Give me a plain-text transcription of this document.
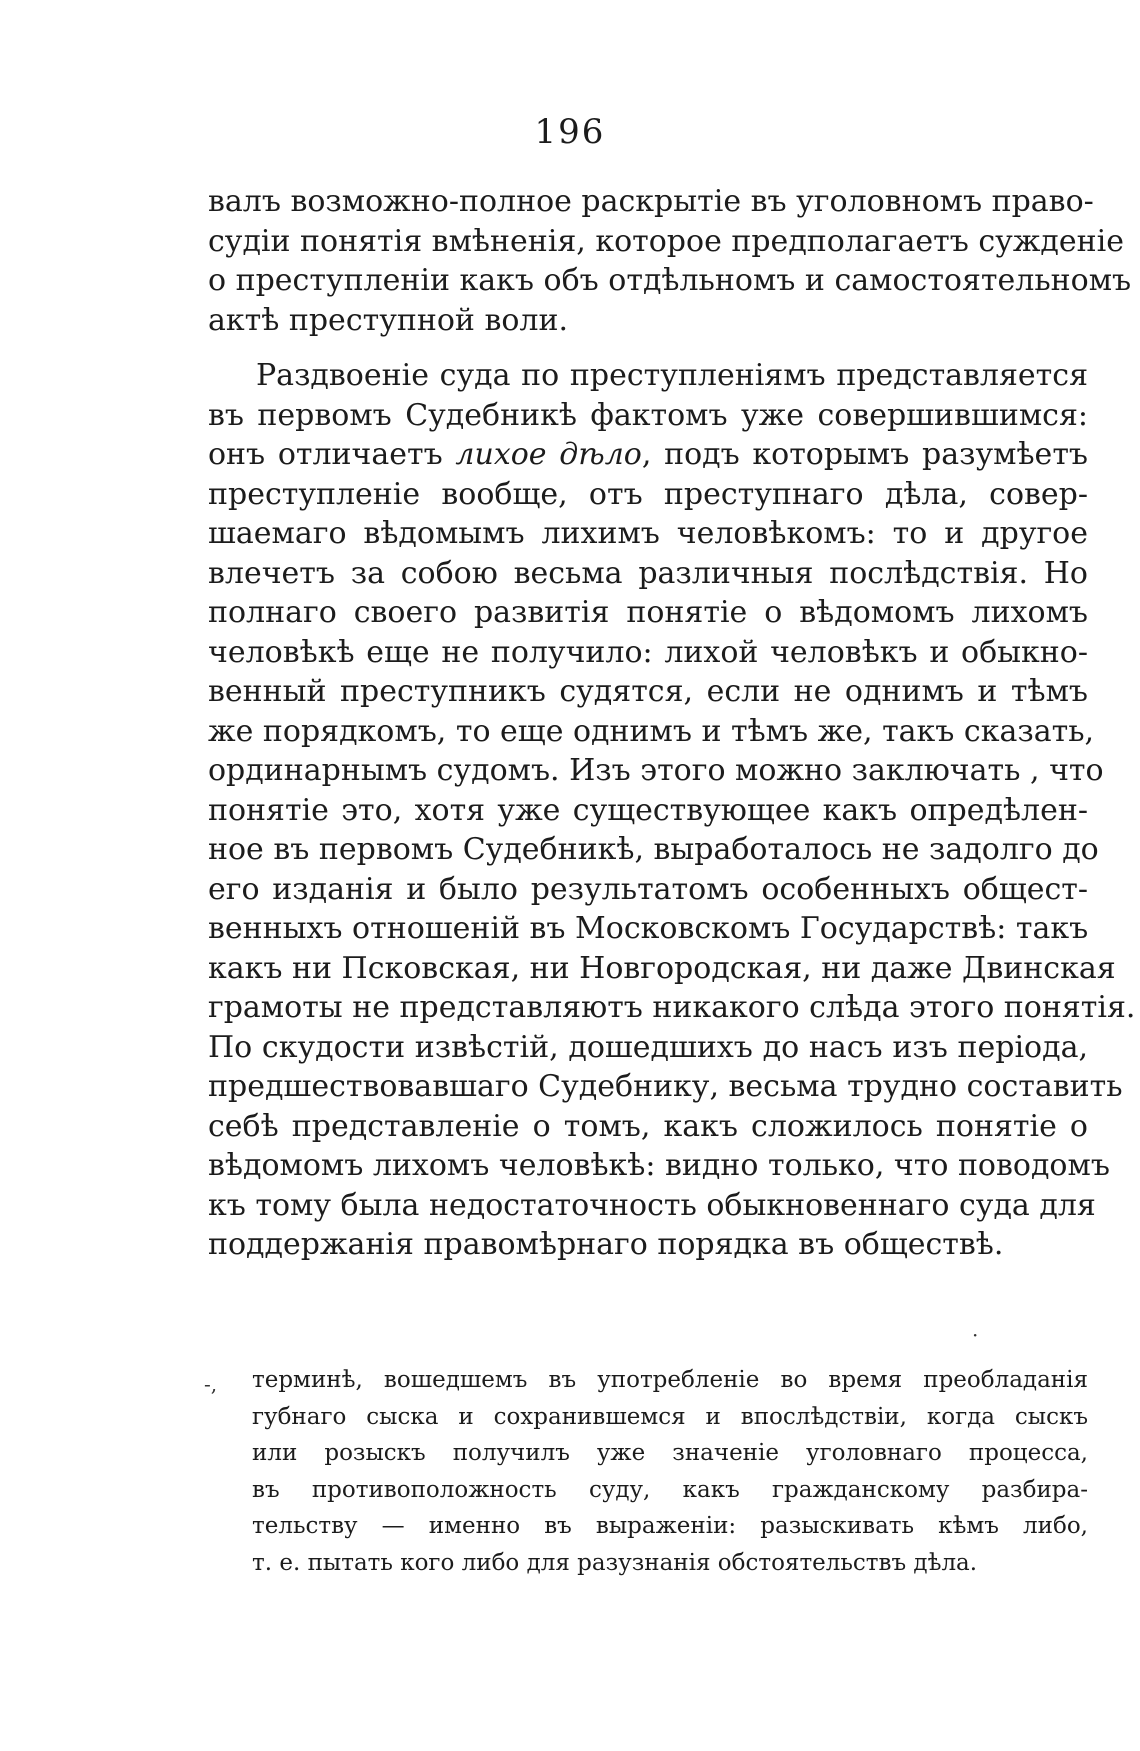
196
валъ возможно-полное раскрытіе въ уголовномъ право-
судіи понятія вмѣненія, которое предполагаетъ сужденіе
о преступленіи какъ объ отдѣльномъ и самостоятельномъ
актѣ преступной воли.
Раздвоеніе суда по преступленіямъ представляется
въ первомъ Судебникѣ фактомъ уже совершившимся:
онъ отличаетъ лихое дѣло, подъ которымъ разумѣетъ
преступленіе вообще, отъ преступнаго дѣла, совер-
шаемаго вѣдомымъ лихимъ человѣкомъ: то и другое
влечетъ за собою весьма различныя послѣдствія. Но
полнаго своего развитія понятіе о вѣдомомъ лихомъ
человѣкѣ еще не получило: лихой человѣкъ и обыкно-
венный преступникъ судятся, если не однимъ и тѣмъ
же порядкомъ, то еще однимъ и тѣмъ же, такъ сказать,
ординарнымъ судомъ. Изъ этого можно заключать , что
понятіе это, хотя уже существующее какъ опредѣлен-
ное въ первомъ Судебникѣ, выработалось не задолго до
его изданія и было результатомъ особенныхъ общест-
венныхъ отношеній въ Московскомъ Государствѣ: такъ
какъ ни Псковская, ни Новгородская, ни даже Двинская
грамоты не представляютъ никакого слѣда этого понятія.
По скудости извѣстій, дошедшихъ до насъ изъ періода,
предшествовавшаго Судебнику, весьма трудно составить
себѣ представленіе о томъ, какъ сложилось понятіе о
вѣдомомъ лихомъ человѣкѣ: видно только, что поводомъ
къ тому была недостаточность обыкновеннаго суда для
поддержанія правомѣрнаго порядка въ обществѣ.
·
-, терминѣ, вошедшемъ въ употребленіе во время преобладанія
губнаго сыска и сохранившемся и впослѣдствіи, когда сыскъ
или розыскъ получилъ уже значеніе уголовнаго процесса,
въ противоположность суду, какъ гражданскому разбира-
тельству — именно въ выраженіи: разыскивать кѣмъ либо,
т. е. пытать кого либо для разузнанія обстоятельствъ дѣла.
